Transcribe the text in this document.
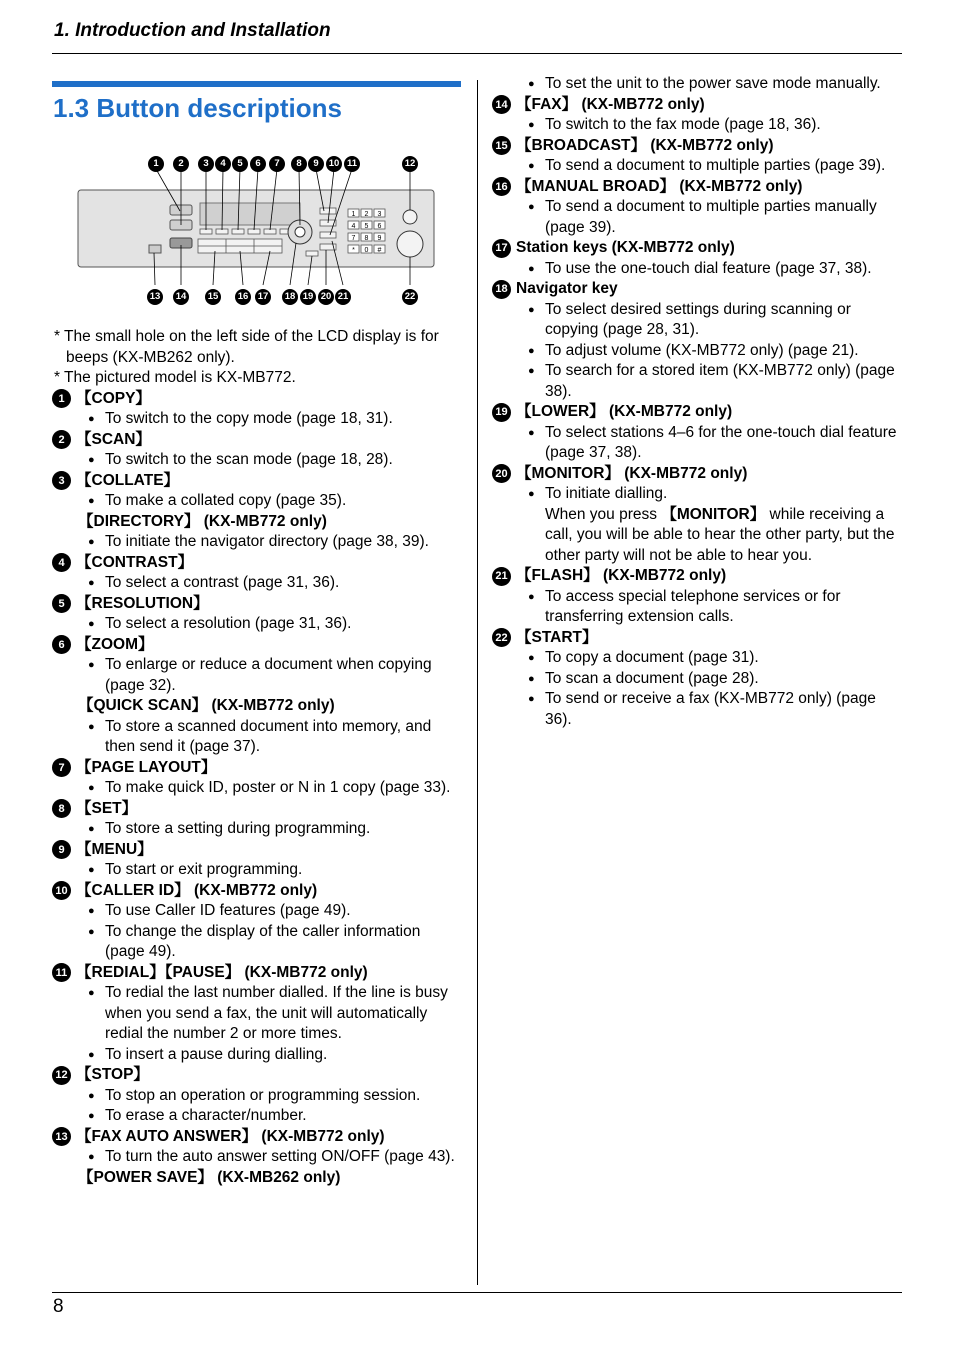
1. Introduction and Installation
1.3 Button descriptions
1 2 3
4 5 6
7 8 9
* 0 #
1	2	3	4	5	6	7	8	9	10 11	12
13 14 15 16 17 18 19 20 21	22
* The small hole on the left side of the LCD display is for beeps (KX-MB262 only).
* The pictured model is KX-MB772.
1 【COPY】
● To switch to the copy mode (page 18, 31).
2 【SCAN】
● To switch to the scan mode (page 18, 28).
3 【COLLATE】
● To make a collated copy (page 35).
【DIRECTORY】 (KX-MB772 only)
● To initiate the navigator directory (page 38, 39).
4 【CONTRAST】
● To select a contrast (page 31, 36).
5 【RESOLUTION】
● To select a resolution (page 31, 36).
6 【ZOOM】
● To enlarge or reduce a document when copying (page 32).
【QUICK SCAN】 (KX-MB772 only)
● To store a scanned document into memory, and then send it (page 37).
7 【PAGE LAYOUT】
● To make quick ID, poster or N in 1 copy (page 33).
8 【SET】
● To store a setting during programming.
9 【MENU】
● To start or exit programming.
10 【CALLER ID】 (KX-MB772 only)
● To use Caller ID features (page 49).
● To change the display of the caller information (page 49).
11 【REDIAL】【PAUSE】 (KX-MB772 only)
● To redial the last number dialled. If the line is busy when you send a fax, the unit will automatically redial the number 2 or more times.
● To insert a pause during dialling.
12 【STOP】
● To stop an operation or programming session.
● To erase a character/number.
13 【FAX AUTO ANSWER】 (KX-MB772 only)
● To turn the auto answer setting ON/OFF (page 43).
【POWER SAVE】 (KX-MB262 only)
● To set the unit to the power save mode manually.
14 【FAX】 (KX-MB772 only)
● To switch to the fax mode (page 18, 36).
15 【BROADCAST】 (KX-MB772 only)
● To send a document to multiple parties (page 39).
16 【MANUAL BROAD】 (KX-MB772 only)
● To send a document to multiple parties manually (page 39).
17 Station keys (KX-MB772 only)
● To use the one-touch dial feature (page 37, 38).
18 Navigator key
● To select desired settings during scanning or copying (page 28, 31).
● To adjust volume (KX-MB772 only) (page 21).
● To search for a stored item (KX-MB772 only) (page 38).
19 【LOWER】 (KX-MB772 only)
● To select stations 4–6 for the one-touch dial feature (page 37, 38).
20 【MONITOR】 (KX-MB772 only)
● To initiate dialling.
When you press 【MONITOR】 while receiving a call, you will be able to hear the other party, but the other party will not be able to hear you.
21 【FLASH】 (KX-MB772 only)
● To access special telephone services or for transferring extension calls.
22 【START】
● To copy a document (page 31).
● To scan a document (page 28).
● To send or receive a fax (KX-MB772 only) (page 36).
8
